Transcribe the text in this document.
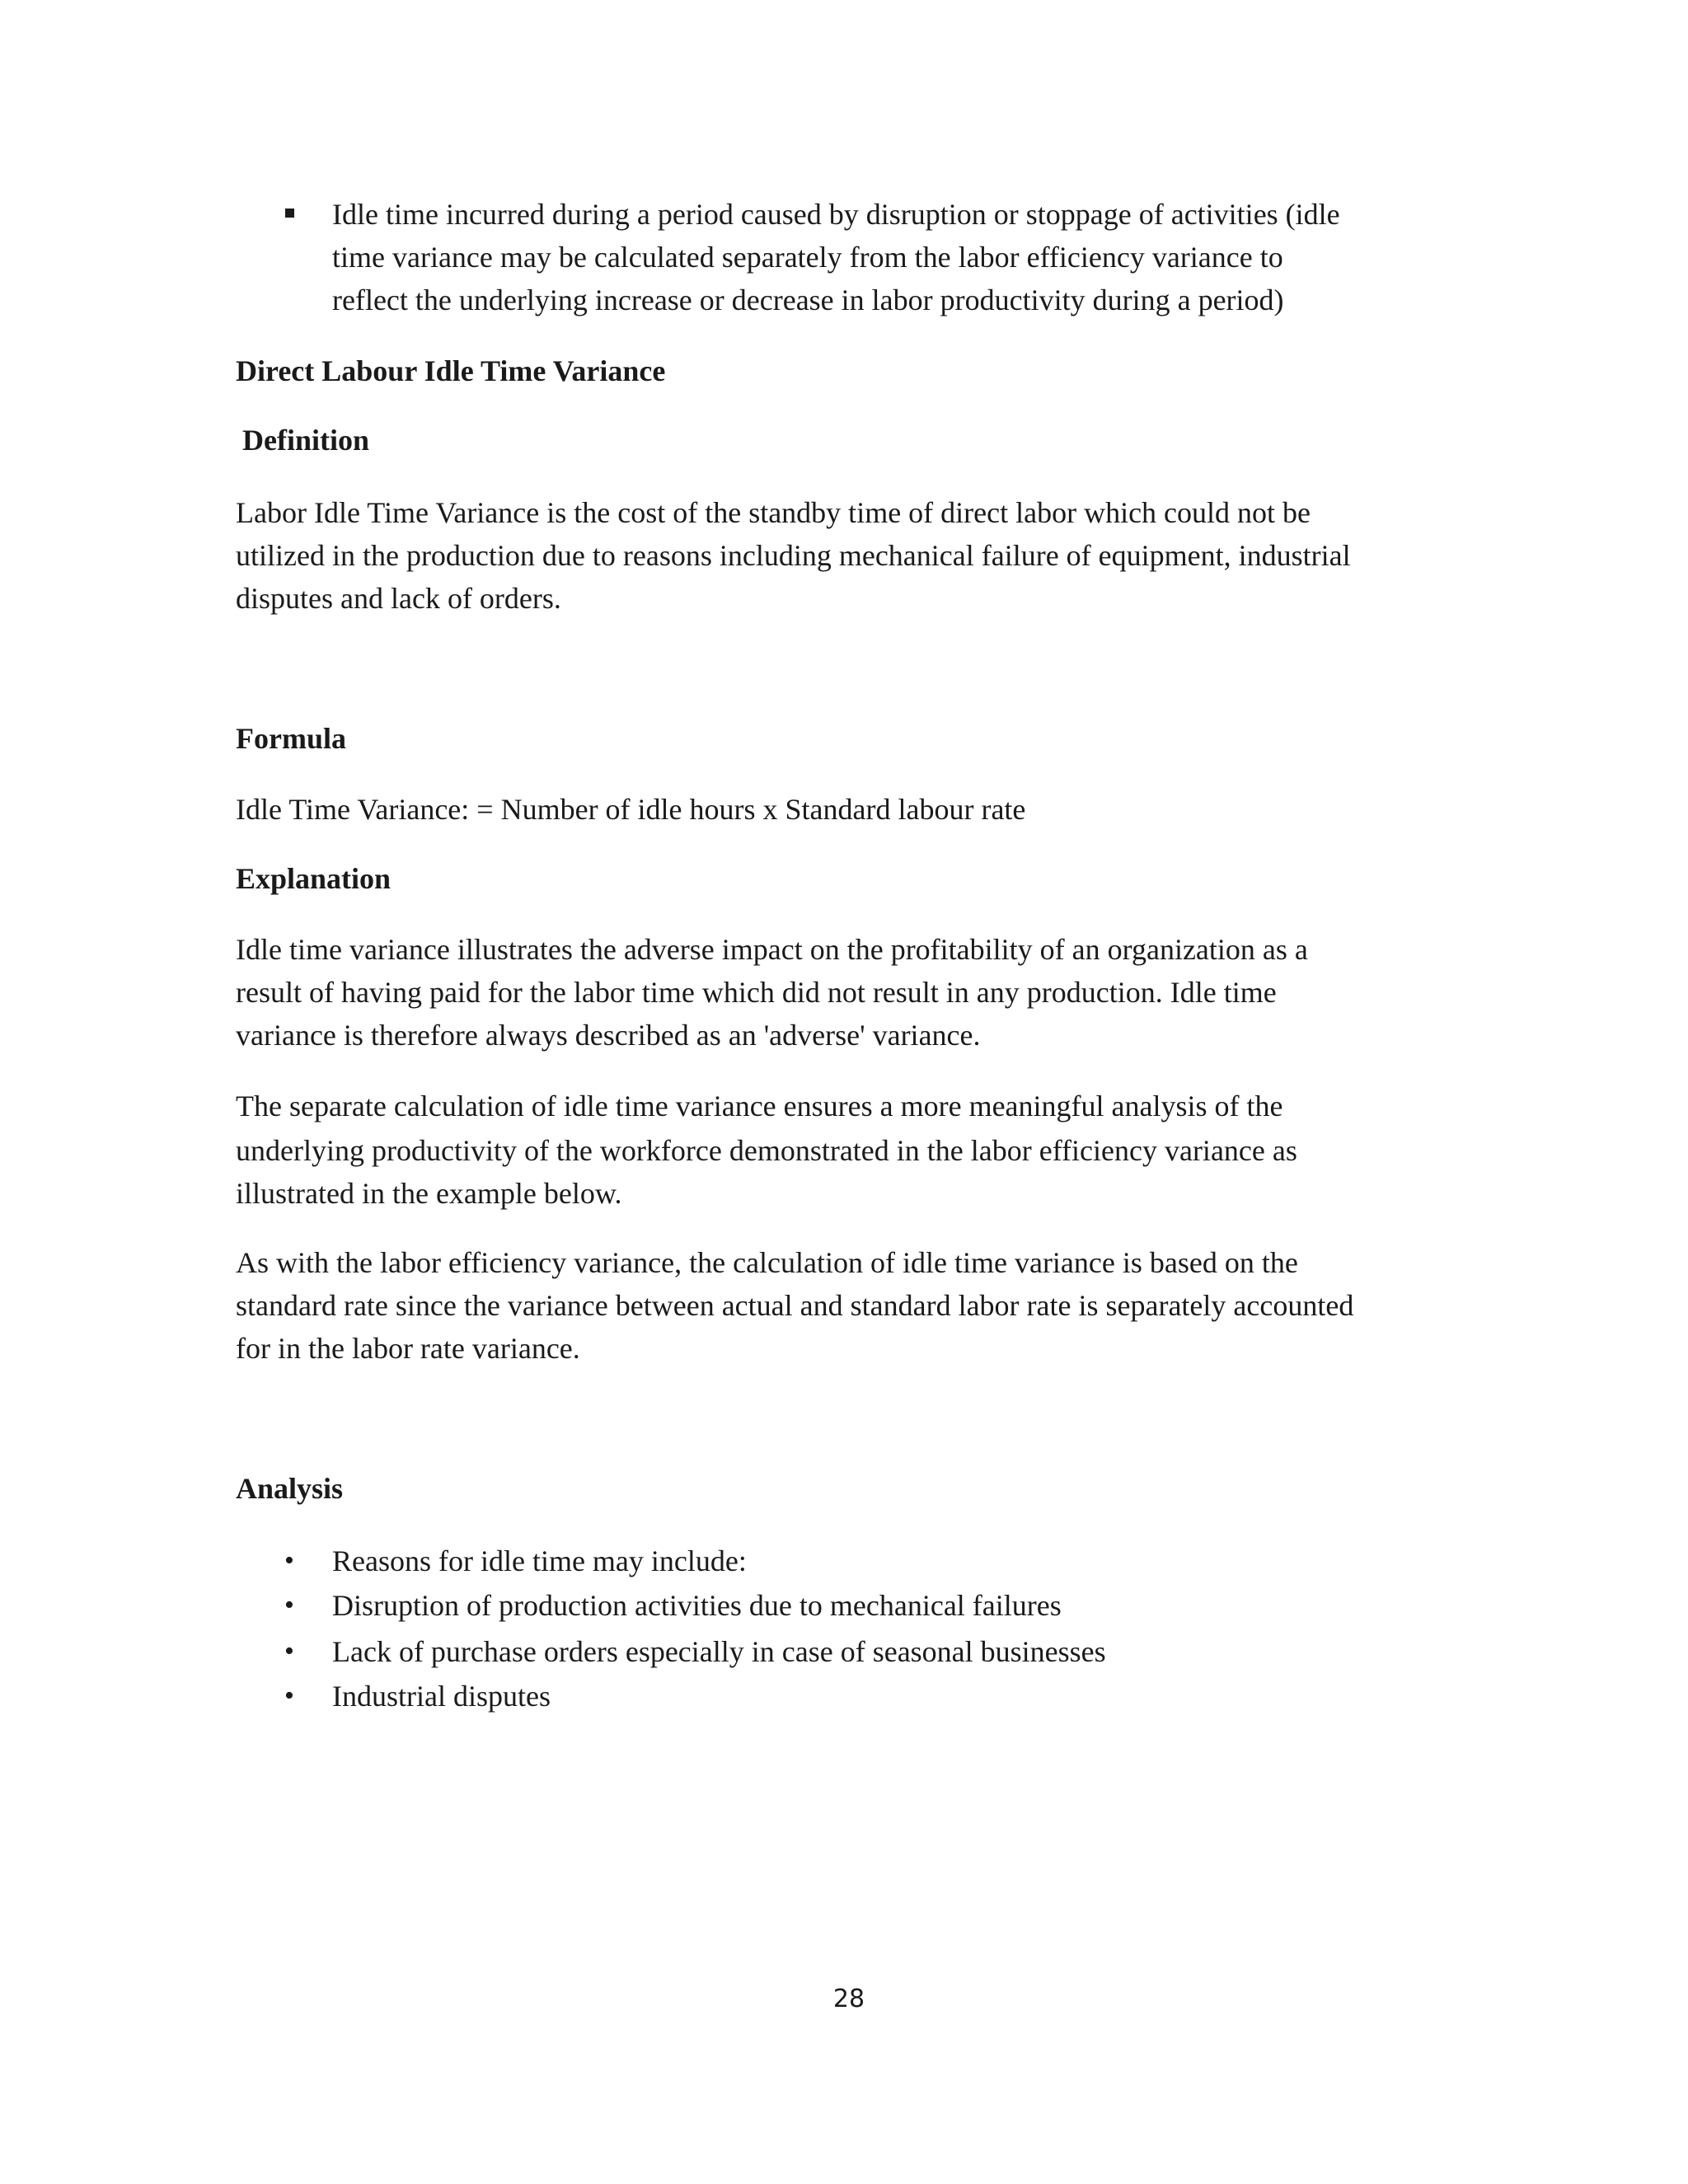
Idle time incurred during a period caused by disruption or stoppage of activities (idle
time variance may be calculated separately from the labor efficiency variance to
reflect the underlying increase or decrease in labor productivity during a period)
Direct Labour Idle Time Variance
Definition
Labor Idle Time Variance is the cost of the standby time of direct labor which could not be
utilized in the production due to reasons including mechanical failure of equipment, industrial
disputes and lack of orders.
Formula
Idle Time Variance: = Number of idle hours x Standard labour rate
Explanation
Idle time variance illustrates the adverse impact on the profitability of an organization as a
result of having paid for the labor time which did not result in any production. Idle time
variance is therefore always described as an 'adverse' variance.
The separate calculation of idle time variance ensures a more meaningful analysis of the
underlying productivity of the workforce demonstrated in the labor efficiency variance as
illustrated in the example below.
As with the labor efficiency variance, the calculation of idle time variance is based on the
standard rate since the variance between actual and standard labor rate is separately accounted
for in the labor rate variance.
Analysis
• Reasons for idle time may include:
• Disruption of production activities due to mechanical failures
• Lack of purchase orders especially in case of seasonal businesses
• Industrial disputes
28
